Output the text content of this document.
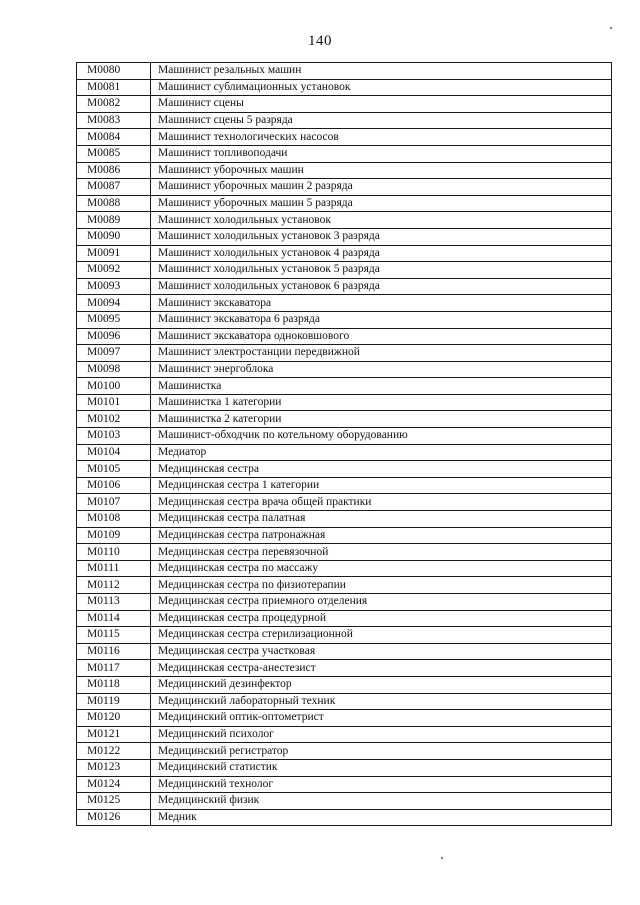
140
М0080	Машинист резальных машин
М0081	Машинист сублимационных установок
М0082	Машинист сцены
М0083	Машинист сцены 5 разряда
М0084	Машинист технологических насосов
М0085	Машинист топливоподачи
М0086	Машинист уборочных машин
М0087	Машинист уборочных машин 2 разряда
М0088	Машинист уборочных машин 5 разряда
М0089	Машинист холодильных установок
М0090	Машинист холодильных установок 3 разряда
М0091	Машинист холодильных установок 4 разряда
М0092	Машинист холодильных установок 5 разряда
М0093	Машинист холодильных установок 6 разряда
М0094	Машинист экскаватора
М0095	Машинист экскаватора 6 разряда
М0096	Машинист экскаватора одноковшового
М0097	Машинист электростанции передвижной
М0098	Машинист энергоблока
М0100	Машинистка
М0101	Машинистка 1 категории
М0102	Машинистка 2 категории
М0103	Машинист-обходчик по котельному оборудованию
М0104	Медиатор
М0105	Медицинская сестра
М0106	Медицинская сестра 1 категории
М0107	Медицинская сестра врача общей практики
М0108	Медицинская сестра палатная
М0109	Медицинская сестра патронажная
М0110	Медицинская сестра перевязочной
М0111	Медицинская сестра по массажу
М0112	Медицинская сестра по физиотерапии
М0113	Медицинская сестра приемного отделения
М0114	Медицинская сестра процедурной
М0115	Медицинская сестра стерилизационной
М0116	Медицинская сестра участковая
М0117	Медицинская сестра-анестезист
М0118	Медицинский дезинфектор
М0119	Медицинский лабораторный техник
М0120	Медицинский оптик-оптометрист
М0121	Медицинский психолог
М0122	Медицинский регистратор
М0123	Медицинский статистик
М0124	Медицинский технолог
М0125	Медицинский физик
М0126	Медник
